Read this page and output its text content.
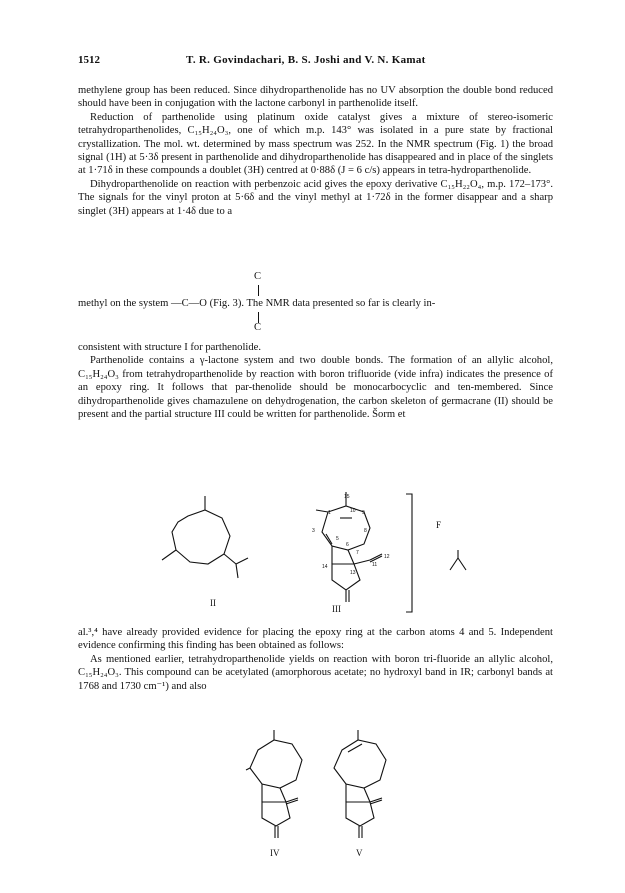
1512	T. R. Govindachari, B. S. Joshi and V. N. Kamat

methylene group has been reduced. Since dihydroparthenolide has no UV absorption the double bond reduced should have been in conjugation with the lactone carbonyl in parthenolide itself.

Reduction of parthenolide using platinum oxide catalyst gives a mixture of stereo-isomeric tetrahydroparthenolides, C₁₅H₂₄O₃, one of which m.p. 143° was isolated in a pure state by fractional crystallization. The mol. wt. determined by mass spectrum was 252. In the NMR spectrum (Fig. 1) the broad signal (1H) at 5·3δ present in parthenolide and dihydroparthenolide has disappeared and in place of the singlets at 1·71δ in these compounds a doublet (3H) centred at 0·88δ (J = 6 c/s) appears in tetra-hydroparthenolide.

Dihydroparthenolide on reaction with perbenzoic acid gives the epoxy derivative C₁₅H₂₂O₄, m.p. 172–173°. The signals for the vinyl proton at 5·6δ and the vinyl methyl at 1·72δ in the former disappear and a sharp singlet (3H) appears at 1·4δ due to a

C
methyl on the system —C—O (Fig. 3). The NMR data presented so far is clearly in-
C

consistent with structure I for parthenolide.

Parthenolide contains a γ-lactone system and two double bonds. The formation of an allylic alcohol, C₁₅H₂₄O₃ from tetrahydroparthenolide by reaction with boron trifluoride (vide infra) indicates the presence of an epoxy ring. It follows that par-thenolide should be monocarbocyclic and ten-membered. Since dihydroparthenolide gives chamazulene on dehydrogenation, the carbon skeleton of germacrane (II) should be present and the partial structure III could be written for parthenolide. Šorm et

15
1	10 9
3
5
6
7
8
12
11
14
13
F
II
III

al.³,⁴ have already provided evidence for placing the epoxy ring at the carbon atoms 4 and 5. Independent evidence confirming this finding has been obtained as follows:

As mentioned earlier, tetrahydroparthenolide yields on reaction with boron tri-fluoride an allylic alcohol, C₁₅H₂₄O₃. This compound can be acetylated (amorphorous acetate; no hydroxyl band in IR; carbonyl bands at 1768 and 1730 cm⁻¹) and also

IV	V
